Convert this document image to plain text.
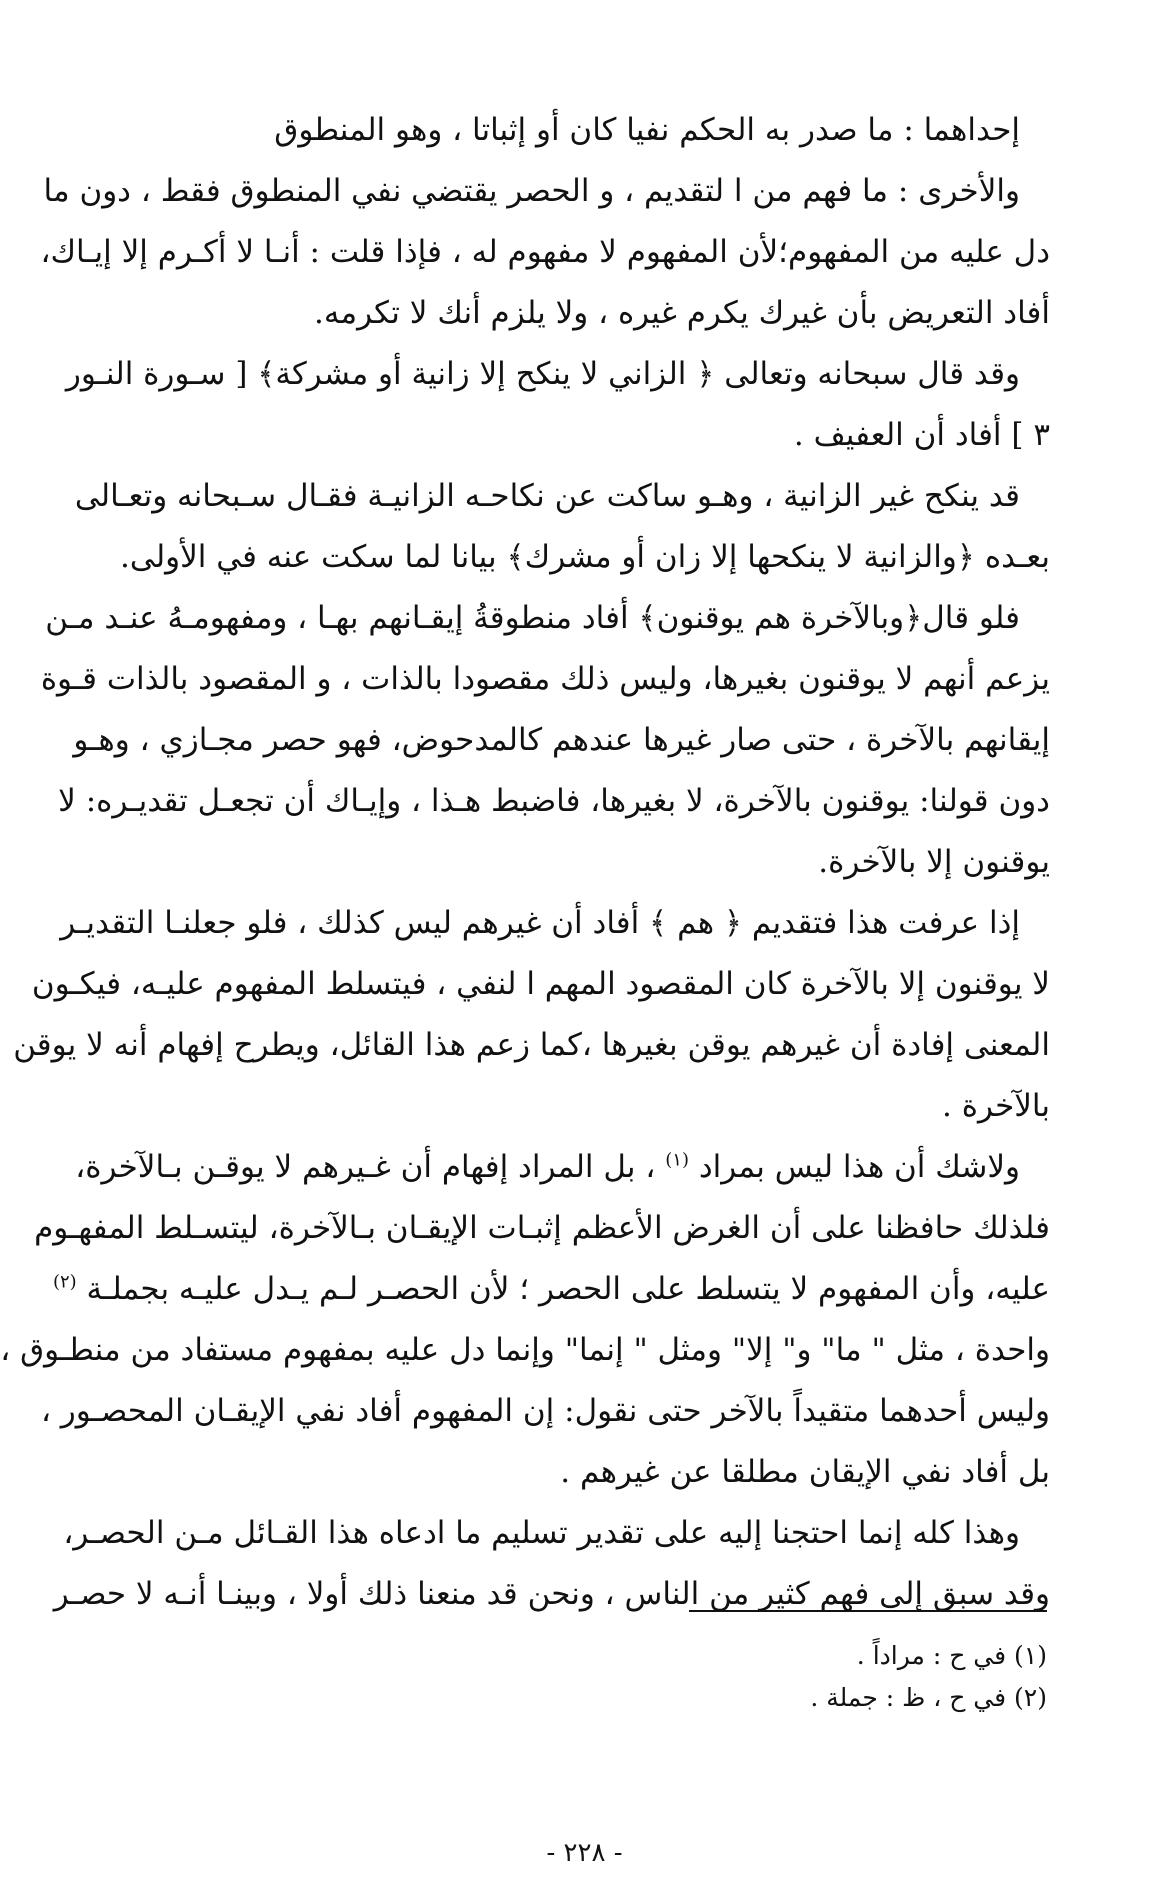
إحداهما : ما صدر به الحكم نفيا كان أو إثباتا ، وهو المنطوق
والأخرى : ما فهم من ا لتقديم ، و الحصر يقتضي نفي المنطوق فقط ، دون ما
دل عليه من المفهوم؛لأن المفهوم لا مفهوم له ، فإذا قلت : أنـا لا أكـرم إلا إيـاك،
أفاد التعريض بأن غيرك يكرم غيره ، ولا يلزم أنك لا تكرمه.
وقد قال سبحانه وتعالى ﴿ الزاني لا ينكح إلا زانية أو مشركة﴾ [ سـورة النـور
٣ ] أفاد أن العفيف .
قد ينكح غير الزانية ، وهـو ساكت عن نكاحـه الزانيـة فقـال سـبحانه وتعـالى
بعـده ﴿والزانية لا ينكحها إلا زان أو مشرك﴾ بيانا لما سكت عنه في الأولى.
فلو قال﴿وبالآخرة هم يوقنون﴾ أفاد منطوقةُ إيقـانهم بهـا ، ومفهومـهُ عنـد مـن
يزعم أنهم لا يوقنون بغيرها، وليس ذلك مقصودا بالذات ، و المقصود بالذات قـوة
إيقانهم بالآخرة ، حتى صار غيرها عندهم كالمدحوض، فهو حصر مجـازي ، وهـو
دون قولنا: يوقنون بالآخرة، لا بغيرها، فاضبط هـذا ، وإيـاك أن تجعـل تقديـره: لا
يوقنون إلا بالآخرة.
إذا عرفت هذا فتقديم ﴿ هم ﴾ أفاد أن غيرهم ليس كذلك ، فلو جعلنـا التقديـر
لا يوقنون إلا بالآخرة كان المقصود المهم ا لنفي ، فيتسلط المفهوم عليـه، فيكـون
المعنى إفادة أن غيرهم يوقن بغيرها ،كما زعم هذا القائل، ويطرح إفهام أنه لا يوقن
بالآخرة .
ولاشك أن هذا ليس بمراد $^{(١)}$ ، بل المراد إفهام أن غـيرهم لا يوقـن بـالآخرة،
فلذلك حافظنا على أن الغرض الأعظم إثبـات الإيقـان بـالآخرة، ليتسـلط المفهـوم
عليه، وأن المفهوم لا يتسلط على الحصر ؛ لأن الحصـر لـم يـدل عليـه بجملـة $^{(٢)}$
واحدة ، مثل " ما" و" إلا" ومثل " إنما" وإنما دل عليه بمفهوم مستفاد من منطـوق ،
وليس أحدهما متقيداً بالآخر حتى نقول: إن المفهوم أفاد نفي الإيقـان المحصـور ،
بل أفاد نفي الإيقان مطلقا عن غيرهم .
وهذا كله إنما احتجنا إليه على تقدير تسليم ما ادعاه هذا القـائل مـن الحصـر،
وقد سبق إلى فهم كثير من الناس ، ونحن قد منعنا ذلك أولا ، وبينـا أنـه لا حصـر
(١) في ح : مراداً .
(٢) في ح ، ظ : جملة .
- ٢٢٨ -
